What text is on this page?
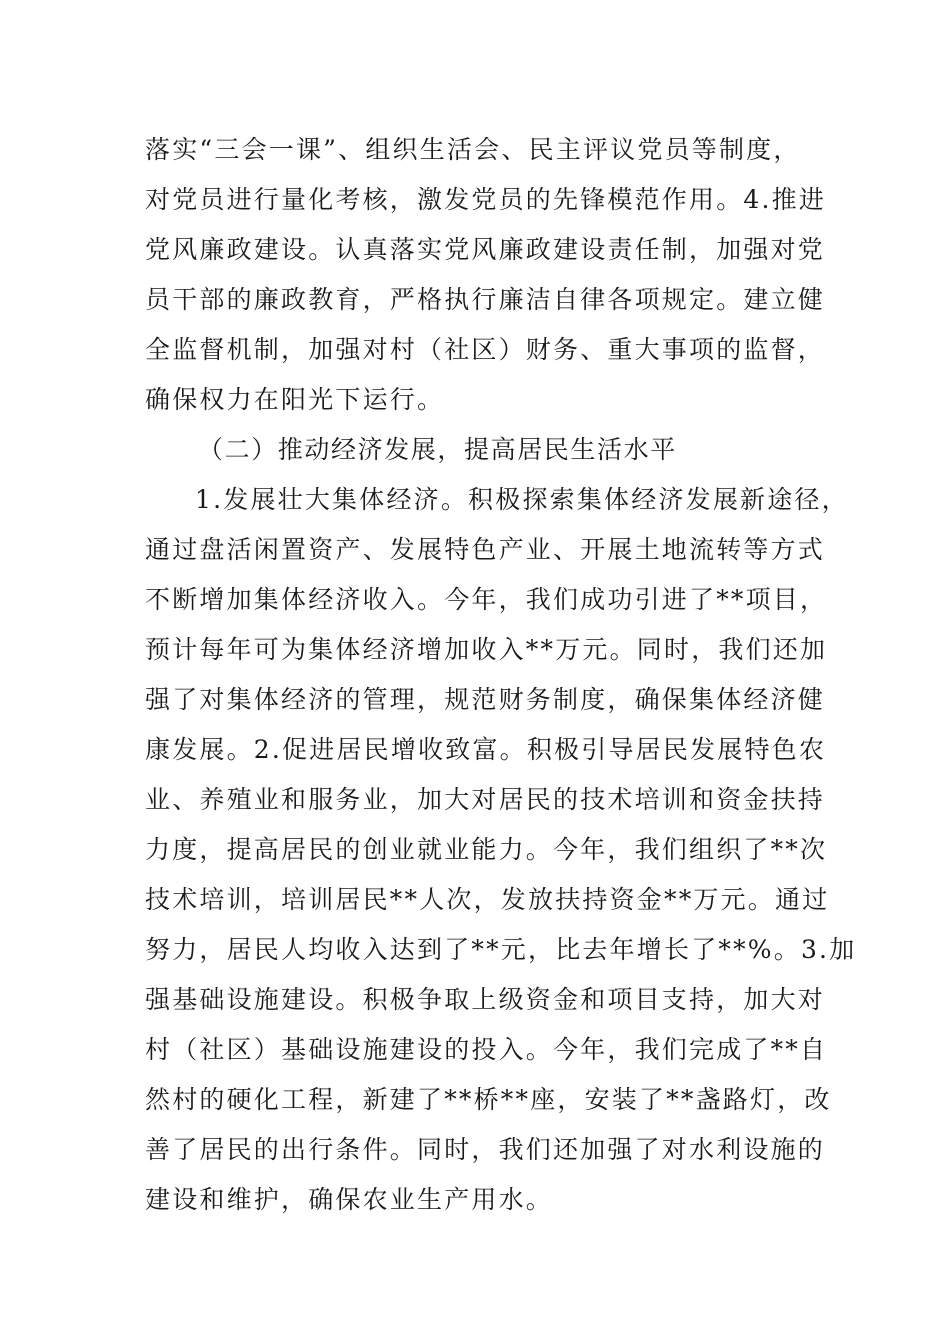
落实“三会一课”、组织生活会、民主评议党员等制度，
对党员进行量化考核，激发党员的先锋模范作用。4.推进
党风廉政建设。认真落实党风廉政建设责任制，加强对党
员干部的廉政教育，严格执行廉洁自律各项规定。建立健
全监督机制，加强对村（社区）财务、重大事项的监督，
确保权力在阳光下运行。
（二）推动经济发展，提高居民生活水平
1.发展壮大集体经济。积极探索集体经济发展新途径，
通过盘活闲置资产、发展特色产业、开展土地流转等方式
不断增加集体经济收入。今年，我们成功引进了**项目，
预计每年可为集体经济增加收入**万元。同时，我们还加
强了对集体经济的管理，规范财务制度，确保集体经济健
康发展。2.促进居民增收致富。积极引导居民发展特色农
业、养殖业和服务业，加大对居民的技术培训和资金扶持
力度，提高居民的创业就业能力。今年，我们组织了**次
技术培训，培训居民**人次，发放扶持资金**万元。通过
努力，居民人均收入达到了**元，比去年增长了**%。3.加
强基础设施建设。积极争取上级资金和项目支持，加大对
村（社区）基础设施建设的投入。今年，我们完成了**自
然村的硬化工程，新建了**桥**座，安装了**盏路灯，改
善了居民的出行条件。同时，我们还加强了对水利设施的
建设和维护，确保农业生产用水。
